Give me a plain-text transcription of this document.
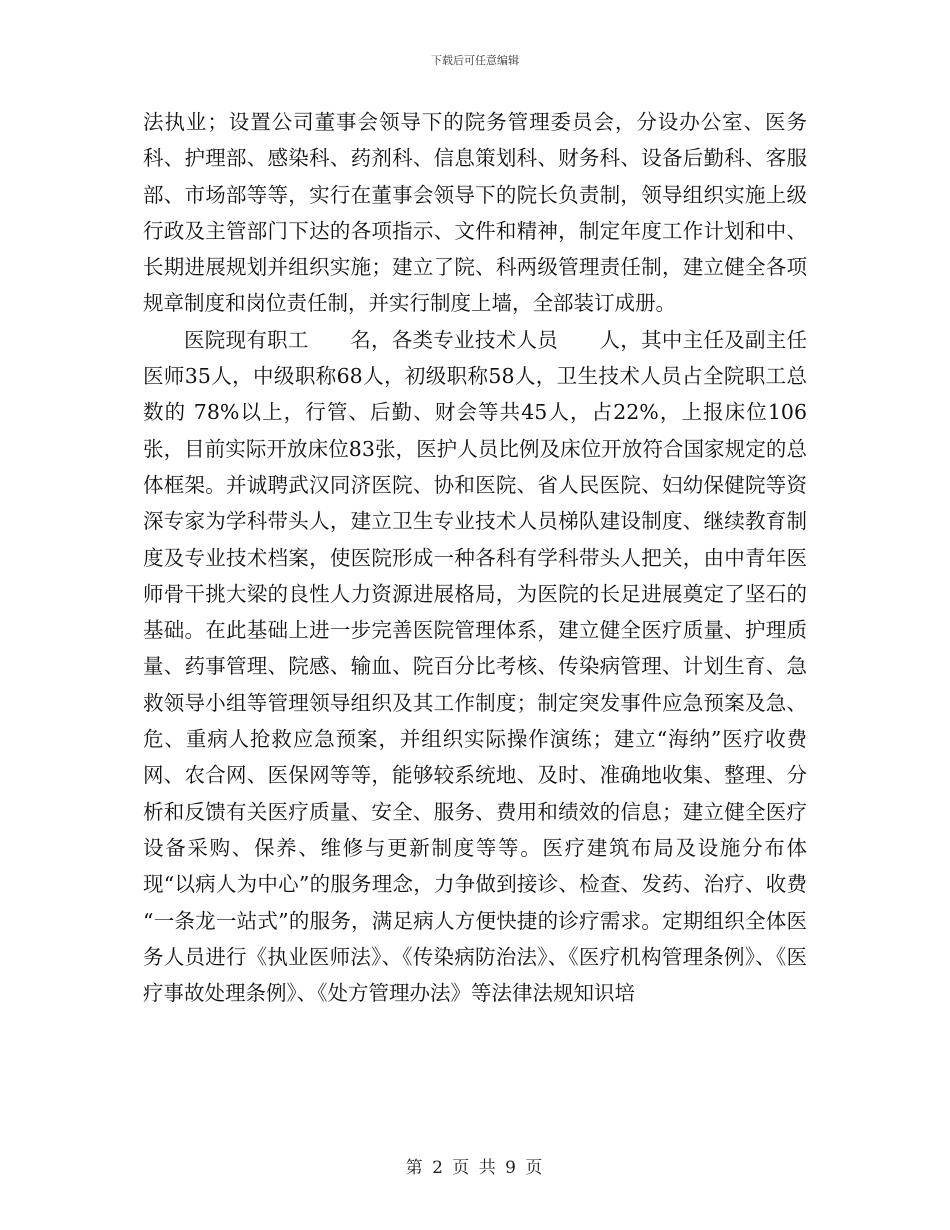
下载后可任意编辑

法执业；设置公司董事会领导下的院务管理委员会，分设办公室、医务科、护理部、感染科、药剂科、信息策划科、财务科、设备后勤科、客服部、市场部等等，实行在董事会领导下的院长负责制，领导组织实施上级行政及主管部门下达的各项指示、文件和精神，制定年度工作计划和中、长期进展规划并组织实施；建立了院、科两级管理责任制，建立健全各项规章制度和岗位责任制，并实行制度上墙，全部装订成册。

医院现有职工　　名，各类专业技术人员　　人，其中主任及副主任医师35人，中级职称68人，初级职称58人，卫生技术人员占全院职工总数的 78%以上，行管、后勤、财会等共45人，占22%，上报床位106张，目前实际开放床位83张，医护人员比例及床位开放符合国家规定的总体框架。并诚聘武汉同济医院、协和医院、省人民医院、妇幼保健院等资深专家为学科带头人，建立卫生专业技术人员梯队建设制度、继续教育制度及专业技术档案，使医院形成一种各科有学科带头人把关，由中青年医师骨干挑大梁的良性人力资源进展格局，为医院的长足进展奠定了坚石的基础。在此基础上进一步完善医院管理体系，建立健全医疗质量、护理质量、药事管理、院感、输血、院百分比考核、传染病管理、计划生育、急救领导小组等管理领导组织及其工作制度；制定突发事件应急预案及急、危、重病人抢救应急预案，并组织实际操作演练；建立“海纳”医疗收费网、农合网、医保网等等，能够较系统地、及时、准确地收集、整理、分析和反馈有关医疗质量、安全、服务、费用和绩效的信息；建立健全医疗设备采购、保养、维修与更新制度等等。医疗建筑布局及设施分布体现“以病人为中心”的服务理念，力争做到接诊、检查、发药、治疗、收费 “一条龙一站式”的服务，满足病人方便快捷的诊疗需求。定期组织全体医务人员进行《执业医师法》、《传染病防治法》、《医疗机构管理条例》、《医疗事故处理条例》、《处方管理办法》等法律法规知识培

第 2 页 共 9 页
